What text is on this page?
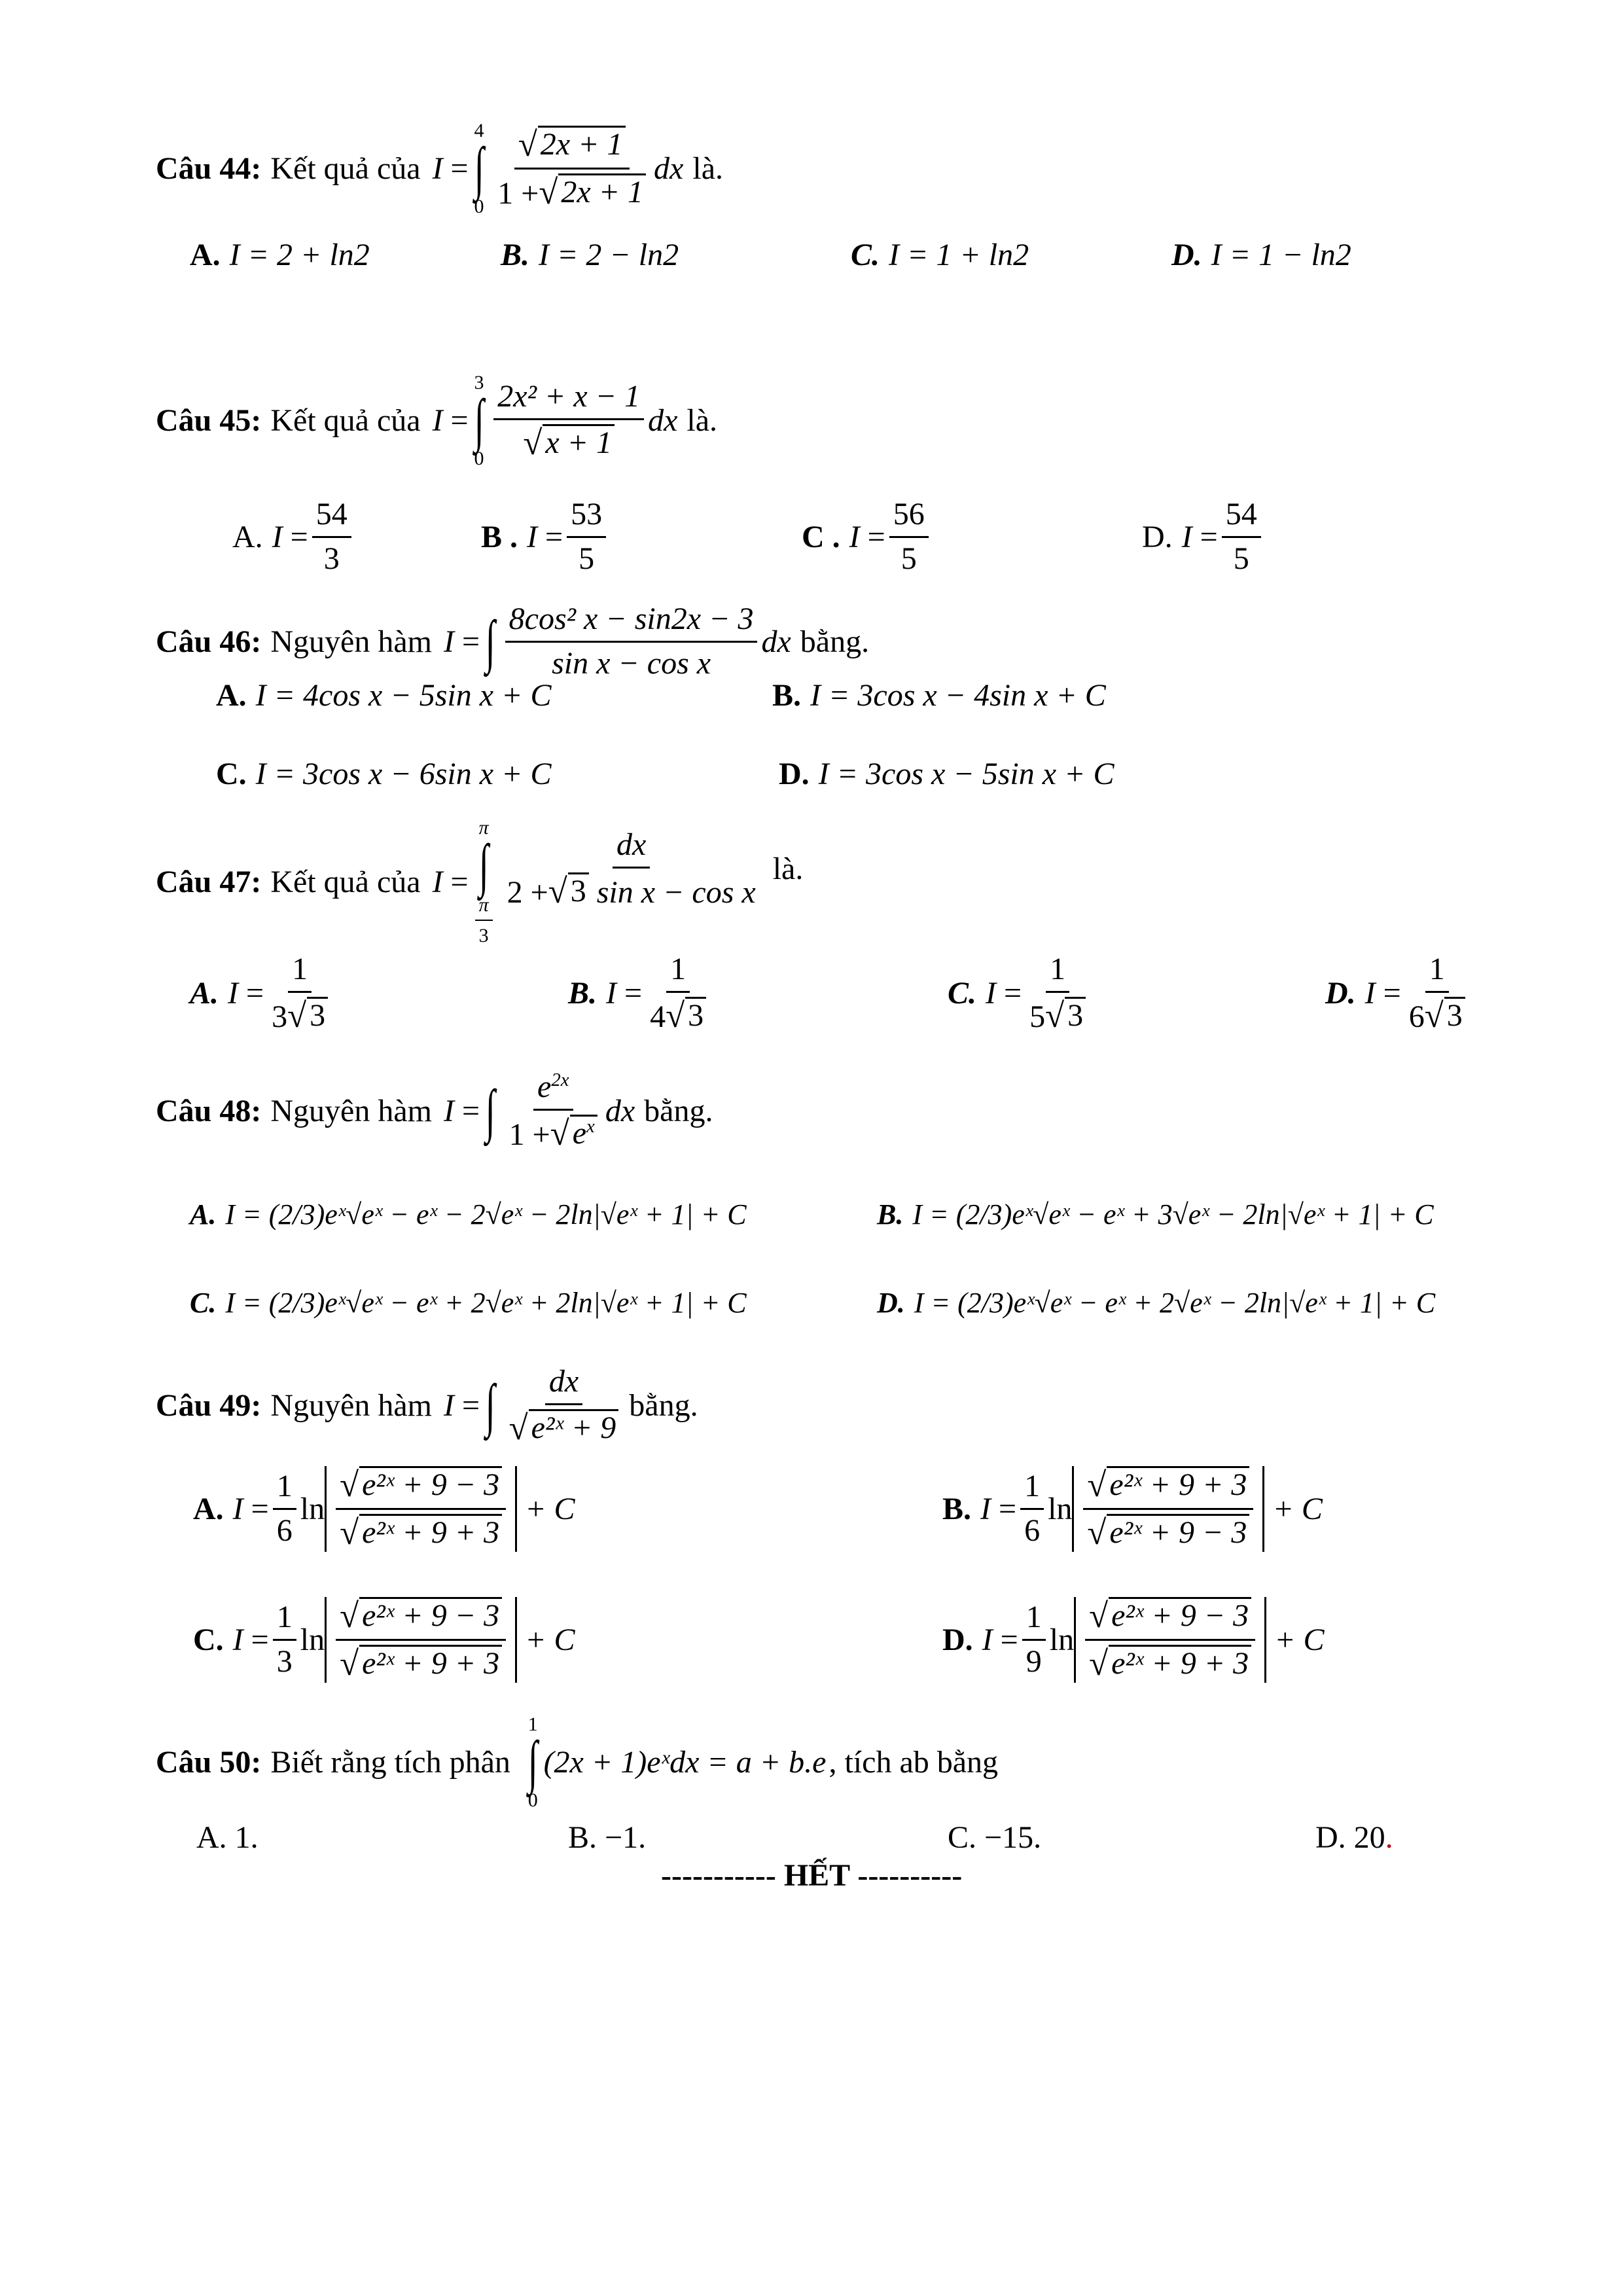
Câu 44: Kết quả của I
=
4
∫
$0 \frac{√ 2x + 1}{1 + √ 2x + 1}$ dx là.
A. I = 2 + ln2	B. I = 2 − ln2	C. I = 1 + ln2	D. I = 1 − ln2
Câu 45: Kết quả của I
=
3
∫
$0 \frac{\text{2x² + x − 1}}{√ x + 1}$ dx là.
A. $I = \frac{54}{3}$	B . $I = \frac{53}{5}$	C . $I = \frac{56}{5}$	D. $I = \frac{54}{5}$
Câu 46: Nguyên hàm I
= ∫ $\frac{\text{8cos² x − sin2x − 3}}{\text{sin x − cos x}}$ dx bằng.
A. I = 4cos x − 5sin x + C	B. I = 3cos x − 4sin x + C
C. I = 3cos x − 6sin x + C	D. I = 3cos x − 5sin x + C
Câu 47: Kết quả của I
=
π
∫
$\frac{\pi}{3}$
$\frac{dx}{\text{2 + √ 3 sin x − cos x}}$ là.
A. $I = \frac{1}{3 √ 3}$	B. $I = \frac{1}{4 √ 3}$	C. $I = \frac{1}{5 √ 3}$	D. $I = \frac{1}{6 √ 3}$
Câu 48: Nguyên hàm I
= ∫ $\frac{e^{2x}}{1 + √ e^x}$ dx bằng.
A. I = (2/3)eˣ√eˣ − eˣ − 2√eˣ − 2ln|√eˣ + 1| + C	B. I = (2/3)eˣ√eˣ − eˣ + 3√eˣ − 2ln|√eˣ + 1| + C
C. I = (2/3)eˣ√eˣ − eˣ + 2√eˣ + 2ln|√eˣ + 1| + C	D. I = (2/3)eˣ√eˣ − eˣ + 2√eˣ − 2ln|√eˣ + 1| + C
Câu 49: Nguyên hàm I
= ∫ $\frac{dx}{\text{√ e²ˣ + 9}}$ bằng.
A. $I = \frac{1}{6}$ $\ln \frac{\text{√ e²ˣ + 9 − 3}}{\text{√ e²ˣ + 9 + 3}} + C$	B. $I = \frac{1}{6}$ $\ln \frac{\text{√ e²ˣ + 9 + 3}}{\text{√ e²ˣ + 9 − 3}} + C$
C. $I = \frac{1}{3}$ $\ln \frac{\text{√ e²ˣ + 9 − 3}}{\text{√ e²ˣ + 9 + 3}} + C$	D. $I = \frac{1}{9}$ $\ln \frac{\text{√ e²ˣ + 9 − 3}}{\text{√ e²ˣ + 9 + 3}} + C$
Câu 50: Biết rằng tích phân
1
∫
0
(2x + 1)eˣdx = a + b.e , tích ab bằng
A. 1.	B. −1.	C. −15.	D. 20 .
----------- HẾT ----------
